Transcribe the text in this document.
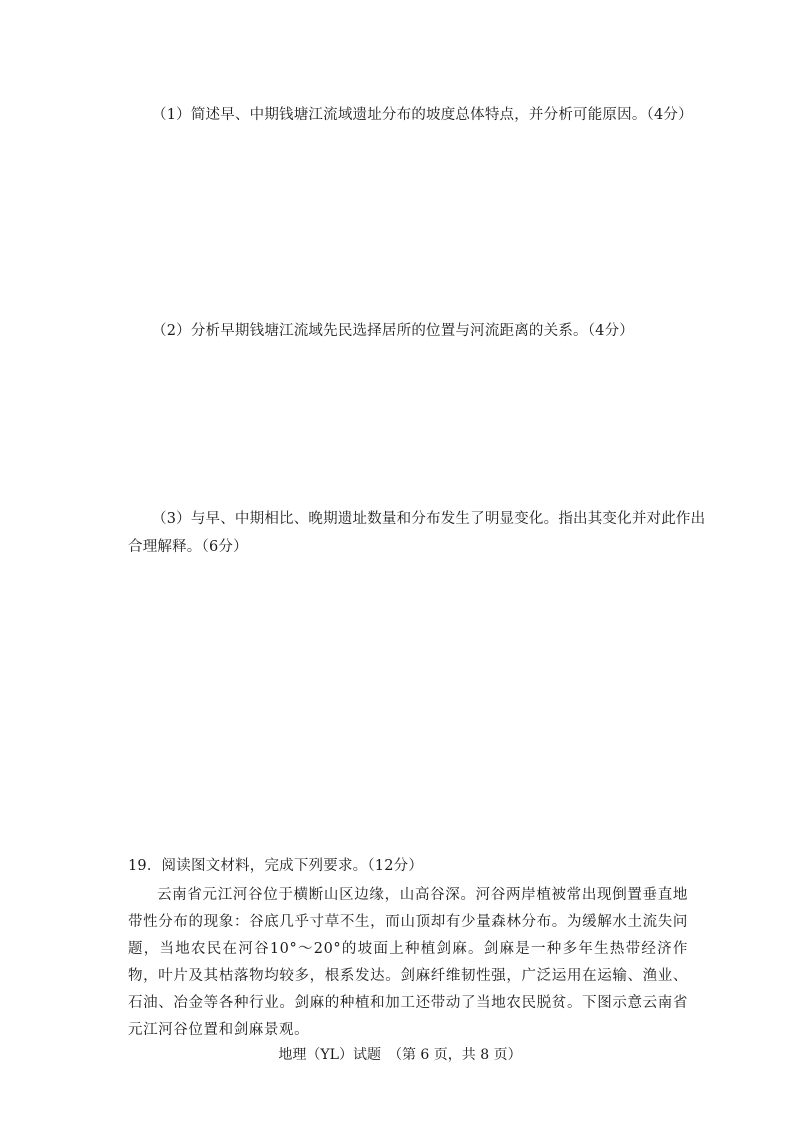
（1）简述早、中期钱塘江流域遗址分布的坡度总体特点，并分析可能原因。（4分）
（2）分析早期钱塘江流域先民选择居所的位置与河流距离的关系。（4分）
（3）与早、中期相比、晚期遗址数量和分布发生了明显变化。指出其变化并对此作出
合理解释。（6分）
19．阅读图文材料，完成下列要求。（12分）
云南省元江河谷位于横断山区边缘，山高谷深。河谷两岸植被常出现倒置垂直地带性分布的现象：谷底几乎寸草不生，而山顶却有少量森林分布。为缓解水土流失问题，当地农民在河谷10°～20°的坡面上种植剑麻。剑麻是一种多年生热带经济作物，叶片及其枯落物均较多，根系发达。剑麻纤维韧性强，广泛运用在运输、渔业、石油、冶金等各种行业。剑麻的种植和加工还带动了当地农民脱贫。下图示意云南省元江河谷位置和剑麻景观。
地理（YL）试题　（第 6 页，共 8 页）
